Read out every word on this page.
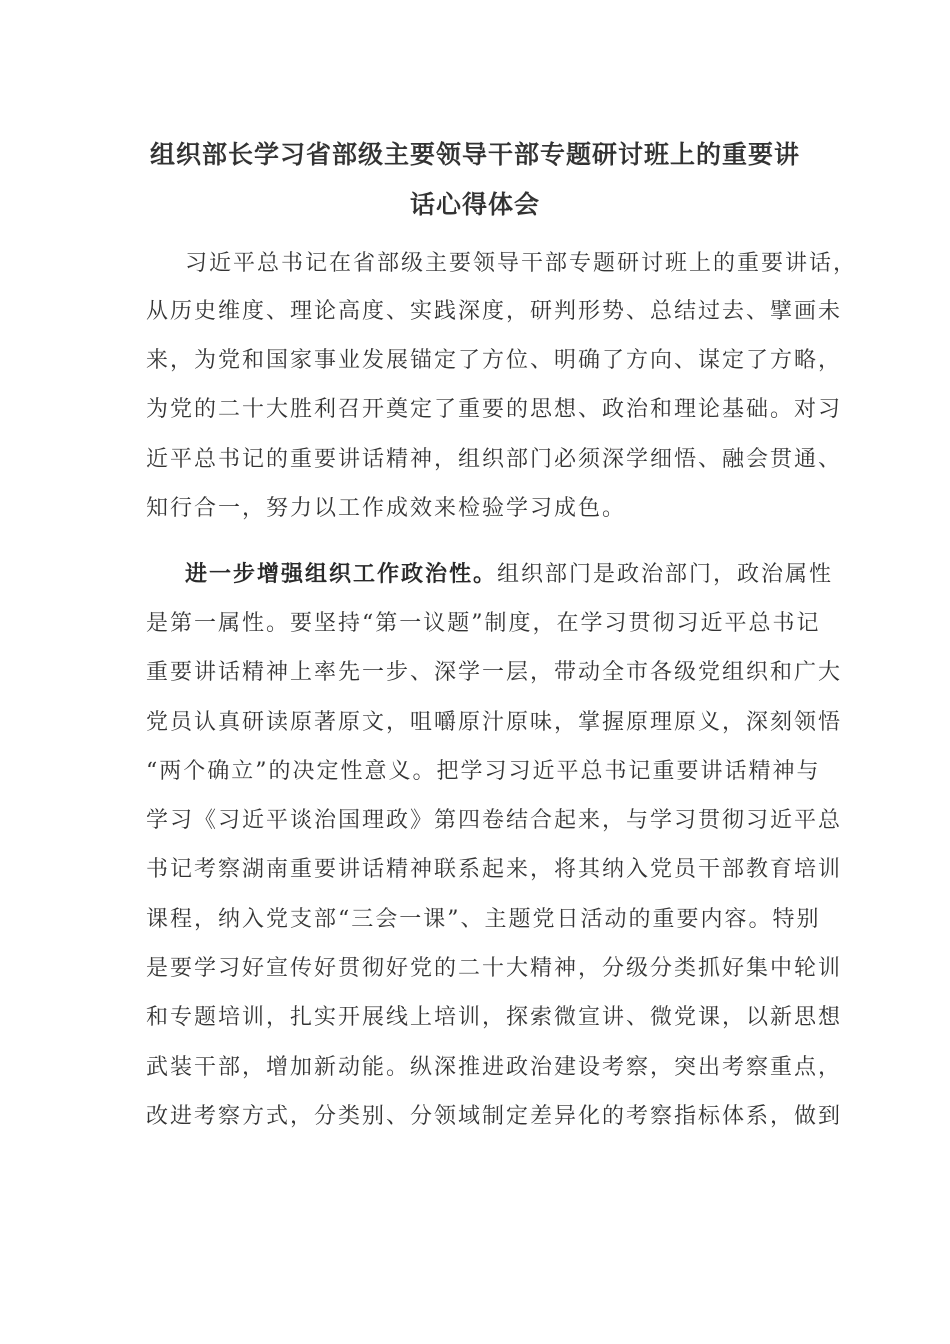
组织部长学习省部级主要领导干部专题研讨班上的重要讲
话心得体会
习近平总书记在省部级主要领导干部专题研讨班上的重要讲话，
从历史维度、理论高度、实践深度，研判形势、总结过去、擘画未
来，为党和国家事业发展锚定了方位、明确了方向、谋定了方略，
为党的二十大胜利召开奠定了重要的思想、政治和理论基础。对习
近平总书记的重要讲话精神，组织部门必须深学细悟、融会贯通、
知行合一，努力以工作成效来检验学习成色。
进一步增强组织工作政治性。组织部门是政治部门，政治属性
是第一属性。要坚持“第一议题”制度，在学习贯彻习近平总书记
重要讲话精神上率先一步、深学一层，带动全市各级党组织和广大
党员认真研读原著原文，咀嚼原汁原味，掌握原理原义，深刻领悟
“两个确立”的决定性意义。把学习习近平总书记重要讲话精神与
学习《习近平谈治国理政》第四卷结合起来，与学习贯彻习近平总
书记考察湖南重要讲话精神联系起来，将其纳入党员干部教育培训
课程，纳入党支部“三会一课”、主题党日活动的重要内容。特别
是要学习好宣传好贯彻好党的二十大精神，分级分类抓好集中轮训
和专题培训，扎实开展线上培训，探索微宣讲、微党课，以新思想
武装干部，增加新动能。纵深推进政治建设考察，突出考察重点，
改进考察方式，分类别、分领域制定差异化的考察指标体系，做到
